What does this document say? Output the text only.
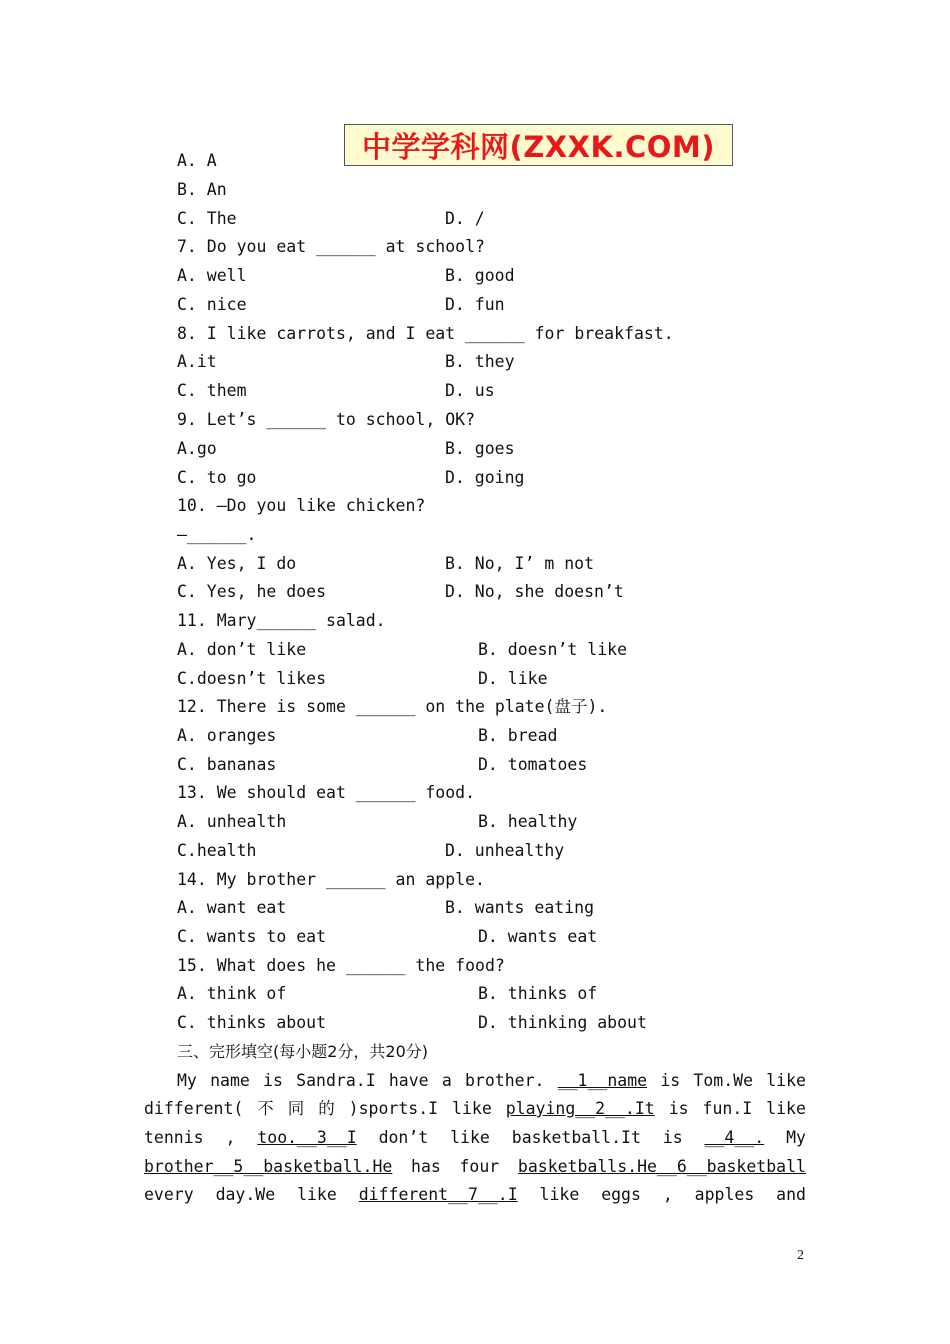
中学学科网(ZXXK.COM)
A. A
B. An
C. The	D. /
7. Do you eat ______ at school?
A. well	B. good
C. nice	D. fun
8. I like carrots, and I eat ______ for breakfast.
A.it	B. they
C. them	D. us
9. Let’s ______ to school, OK?
A.go	B. goes
C. to go	D. going
10. —Do you like chicken?
—______.
A. Yes, I do	B. No, I’ m not
C. Yes, he does	D. No, she doesn’t
11. Mary______ salad.
A. don’t like	B. doesn’t like
C.doesn’t likes	D. like
12. There is some ______ on the plate(盘子).
A. oranges	B. bread
C. bananas	D. tomatoes
13. We should eat ______ food.
A. unhealth	B. healthy
C.health	D. unhealthy
14. My brother ______ an apple.
A. want eat	B. wants eating
C. wants to eat	D. wants eat
15. What does he ______ the food?
A. think of	B. thinks of
C. thinks about	D. thinking about
三、完形填空(每小题2分，共20分)
My name is Sandra.I have a brother. __1__name is Tom.We like
different( 不 同 的 )sports.I like playing__2__.It is fun.I like
tennis , too.__3__I don’t like basketball.It is __4__. My
brother__5__basketball.He has four basketballs.He__6__basketball
every day.We like different__7__.I like eggs , apples and
2
